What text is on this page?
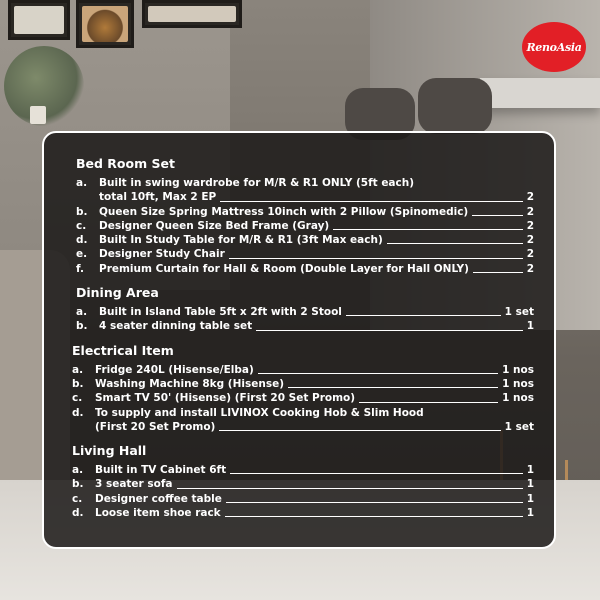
RenoAsia
Bed Room Set
a.	Built in swing wardrobe for M/R & R1 ONLY (5ft each)
total 10ft, Max 2 EP	2
b.	Queen Size Spring Mattress 10inch with 2 Pillow (Spinomedic)	2
c.	Designer Queen Size Bed Frame (Gray)	2
d.	Built In Study Table for M/R & R1 (3ft Max each)	2
e.	Designer Study Chair	2
f.	Premium Curtain for Hall & Room (Double Layer for Hall ONLY)	2
Dining Area
a.	Built in Island Table 5ft x 2ft with 2 Stool	1 set
b.	4 seater dinning table set	1
Electrical Item
a.	Fridge 240L (Hisense/Elba)	1 nos
b.	Washing Machine 8kg (Hisense)	1 nos
c.	Smart TV 50' (Hisense) (First 20 Set Promo)	1 nos
d.	To supply and install LIVINOX Cooking Hob & Slim Hood
(First 20 Set Promo)	1 set
Living Hall
a.	Built in TV Cabinet 6ft	1
b.	3 seater sofa	1
c.	Designer coffee table	1
d.	Loose item shoe rack	1
